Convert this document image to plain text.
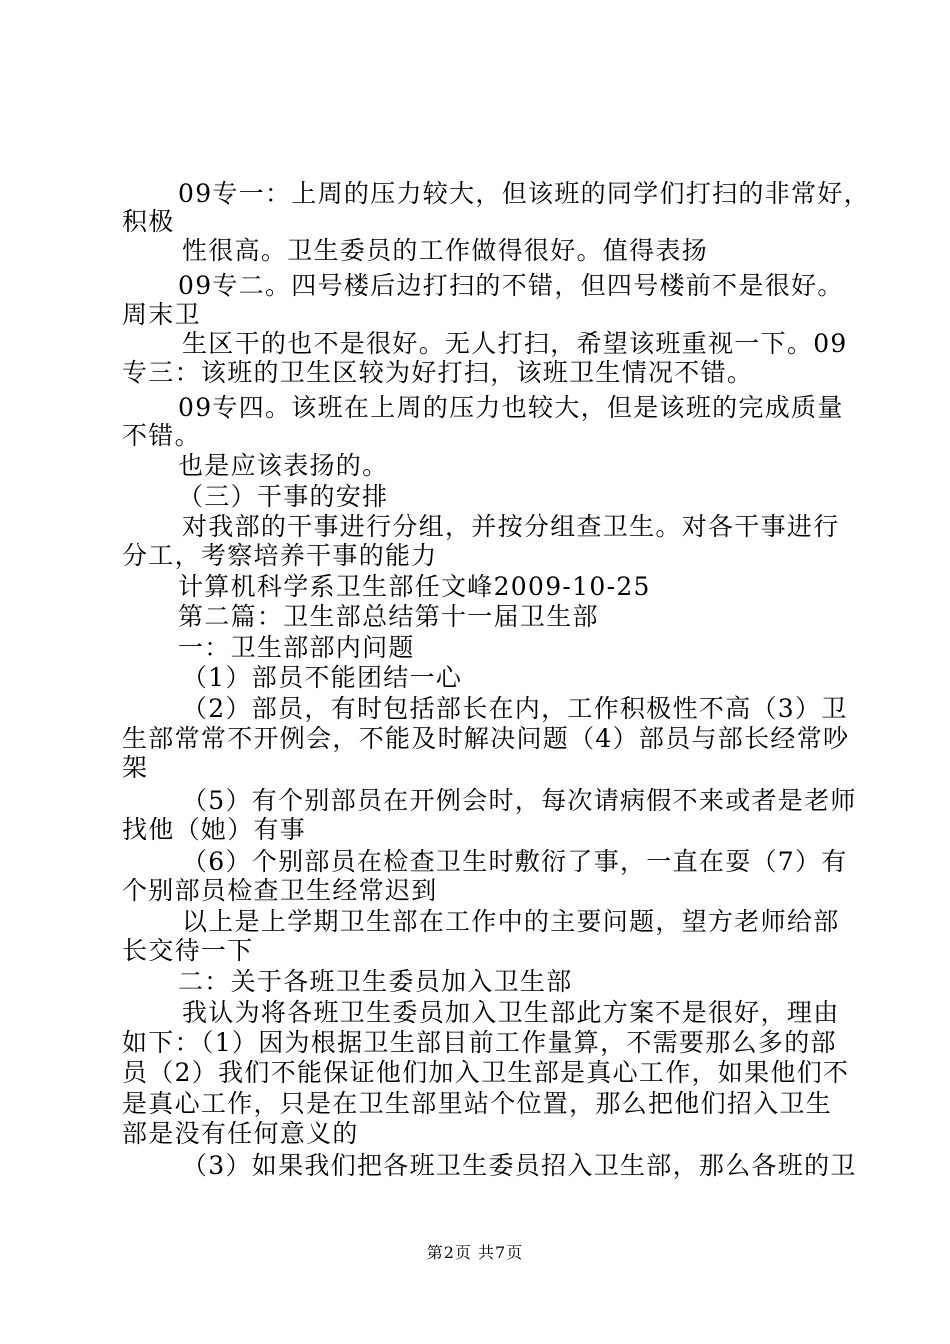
09专一：上周的压力较大，但该班的同学们打扫的非常好，
积极
性很高。卫生委员的工作做得很好。值得表扬
09专二。四号楼后边打扫的不错，但四号楼前不是很好。
周末卫
生区干的也不是很好。无人打扫，希望该班重视一下。09
专三：该班的卫生区较为好打扫，该班卫生情况不错。
09专四。该班在上周的压力也较大，但是该班的完成质量
不错。
也是应该表扬的。
（三）干事的安排
对我部的干事进行分组，并按分组查卫生。对各干事进行
分工，考察培养干事的能力
计算机科学系卫生部任文峰2009-10-25
第二篇：卫生部总结第十一届卫生部
一：卫生部部内问题
（1）部员不能团结一心
（2）部员，有时包括部长在内，工作积极性不高（3）卫
生部常常不开例会，不能及时解决问题（4）部员与部长经常吵
架
（5）有个别部员在开例会时，每次请病假不来或者是老师
找他（她）有事
（6）个别部员在检查卫生时敷衍了事，一直在耍（7）有
个别部员检查卫生经常迟到
以上是上学期卫生部在工作中的主要问题，望方老师给部
长交待一下
二：关于各班卫生委员加入卫生部
我认为将各班卫生委员加入卫生部此方案不是很好，理由
如下：（1）因为根据卫生部目前工作量算，不需要那么多的部
员（2）我们不能保证他们加入卫生部是真心工作，如果他们不
是真心工作，只是在卫生部里站个位置，那么把他们招入卫生
部是没有任何意义的
（3）如果我们把各班卫生委员招入卫生部，那么各班的卫
第2页 共7页
